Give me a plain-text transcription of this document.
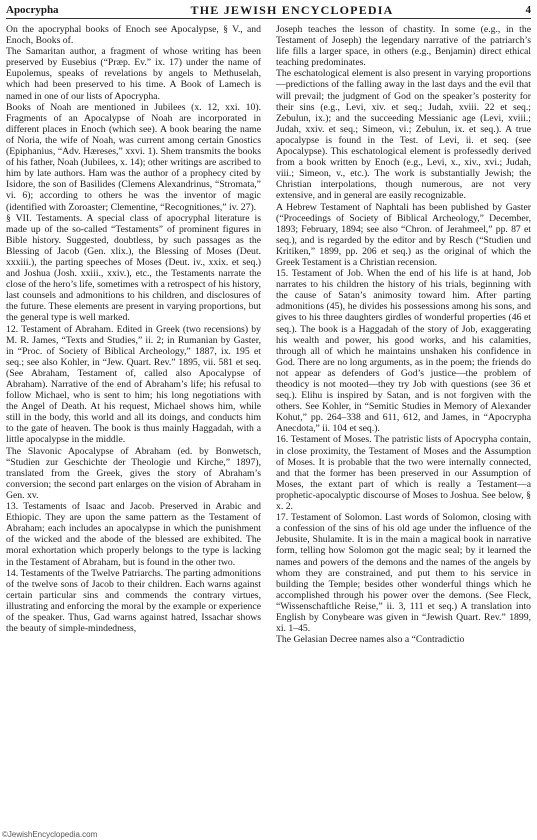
Apocrypha	THE JEWISH ENCYCLOPEDIA	4

On the apocryphal books of Enoch see Apocalypse, § V., and Enoch, Books of.

The Samaritan author, a fragment of whose writing has been preserved by Eusebius (“Præp. Ev.” ix. 17) under the name of Eupolemus, speaks of revelations by angels to Methuselah, which had been preserved to his time. A Book of Lamech is named in one of our lists of Apocrypha.

Books of Noah are mentioned in Jubilees (x. 12, xxi. 10). Fragments of an Apocalypse of Noah are incorporated in different places in Enoch (which see). A book bearing the name of Noria, the wife of Noah, was current among certain Gnostics (Epiphanius, “Adv. Hæreses,” xxvi. 1). Shem transmits the books of his father, Noah (Jubilees, x. 14); other writings are ascribed to him by late authors. Ham was the author of a prophecy cited by Isidore, the son of Basilides (Clemens Alexandrinus, “Stromata,” vi. 6); according to others he was the inventor of magic (identified with Zoroaster; Clementine, “Recognitiones,” iv. 27).

§ VII. Testaments. A special class of apocryphal literature is made up of the so-called “Testaments” of prominent figures in Bible history. Suggested, doubtless, by such passages as the Blessing of Jacob (Gen. xlix.), the Blessing of Moses (Deut. xxxiii.), the parting speeches of Moses (Deut. iv., xxix. et seq.) and Joshua (Josh. xxiii., xxiv.), etc., the Testaments narrate the close of the hero’s life, sometimes with a retrospect of his history, last counsels and admonitions to his children, and disclosures of the future. These elements are present in varying proportions, but the general type is well marked.

12. Testament of Abraham. Edited in Greek (two recensions) by M. R. James, “Texts and Studies,” ii. 2; in Rumanian by Gaster, in “Proc. of Society of Biblical Archeology,” 1887, ix. 195 et seq.; see also Kohler, in “Jew. Quart. Rev.” 1895, vii. 581 et seq. (See Abraham, Testament of, called also Apocalypse of Abraham). Narrative of the end of Abraham’s life; his refusal to follow Michael, who is sent to him; his long negotiations with the Angel of Death. At his request, Michael shows him, while still in the body, this world and all its doings, and conducts him to the gate of heaven. The book is thus mainly Haggadah, with a little apocalypse in the middle.

The Slavonic Apocalypse of Abraham (ed. by Bonwetsch, “Studien zur Geschichte der Theologie und Kirche,” 1897), translated from the Greek, gives the story of Abraham’s conversion; the second part enlarges on the vision of Abraham in Gen. xv.

13. Testaments of Isaac and Jacob. Preserved in Arabic and Ethiopic. They are upon the same pattern as the Testament of Abraham; each includes an apocalypse in which the punishment of the wicked and the abode of the blessed are exhibited. The moral exhortation which properly belongs to the type is lacking in the Testament of Abraham, but is found in the other two.

14. Testaments of the Twelve Patriarchs. The parting admonitions of the twelve sons of Jacob to their children. Each warns against certain particular sins and commends the contrary virtues, illustrating and enforcing the moral by the example or experience of the speaker. Thus, Gad warns against hatred, Issachar shows the beauty of simple-mindedness,

Joseph teaches the lesson of chastity. In some (e.g., in the Testament of Joseph) the legendary narrative of the patriarch’s life fills a larger space, in others (e.g., Benjamin) direct ethical teaching predominates.

The eschatological element is also present in varying proportions—predictions of the falling away in the last days and the evil that will prevail; the judgment of God on the speaker’s posterity for their sins (e.g., Levi, xiv. et seq.; Judah, xviii. 22 et seq.; Zebulun, ix.); and the succeeding Messianic age (Levi, xviii.; Judah, xxiv. et seq.; Simeon, vi.; Zebulun, ix. et seq.). A true apocalypse is found in the Test. of Levi, ii. et seq. (see Apocalypse). This eschatological element is professedly derived from a book written by Enoch (e.g., Levi, x., xiv., xvi.; Judah, viii.; Simeon, v., etc.). The work is substantially Jewish; the Christian interpolations, though numerous, are not very extensive, and in general are easily recognizable.

A Hebrew Testament of Naphtali has been published by Gaster (“Proceedings of Society of Biblical Archeology,” December, 1893; February, 1894; see also “Chron. of Jerahmeel,” pp. 87 et seq.), and is regarded by the editor and by Resch (“Studien und Kritiken,” 1899, pp. 206 et seq.) as the original of which the Greek Testament is a Christian recension.

15. Testament of Job. When the end of his life is at hand, Job narrates to his children the history of his trials, beginning with the cause of Satan’s animosity toward him. After parting admonitions (45), he divides his possessions among his sons, and gives to his three daughters girdles of wonderful properties (46 et seq.). The book is a Haggadah of the story of Job, exaggerating his wealth and power, his good works, and his calamities, through all of which he maintains unshaken his confidence in God. There are no long arguments, as in the poem; the friends do not appear as defenders of God’s justice—the problem of theodicy is not mooted—they try Job with questions (see 36 et seq.). Elihu is inspired by Satan, and is not forgiven with the others. See Kohler, in “Semitic Studies in Memory of Alexander Kohut,” pp. 264–338 and 611, 612, and James, in “Apocrypha Anecdota,” ii. 104 et seq.).

16. Testament of Moses. The patristic lists of Apocrypha contain, in close proximity, the Testament of Moses and the Assumption of Moses. It is probable that the two were internally connected, and that the former has been preserved in our Assumption of Moses, the extant part of which is really a Testament—a prophetic-apocalyptic discourse of Moses to Joshua. See below, § x. 2.

17. Testament of Solomon. Last words of Solomon, closing with a confession of the sins of his old age under the influence of the Jebusite, Shulamite. It is in the main a magical book in narrative form, telling how Solomon got the magic seal; by it learned the names and powers of the demons and the names of the angels by whom they are constrained, and put them to his service in building the Temple; besides other wonderful things which he accomplished through his power over the demons. (See Fleck, “Wissenschaftliche Reise,” ii. 3, 111 et seq.) A translation into English by Conybeare was given in “Jewish Quart. Rev.” 1899, xi. 1–45.

The Gelasian Decree names also a “Contradictio

©JewishEncyclopedia.com
